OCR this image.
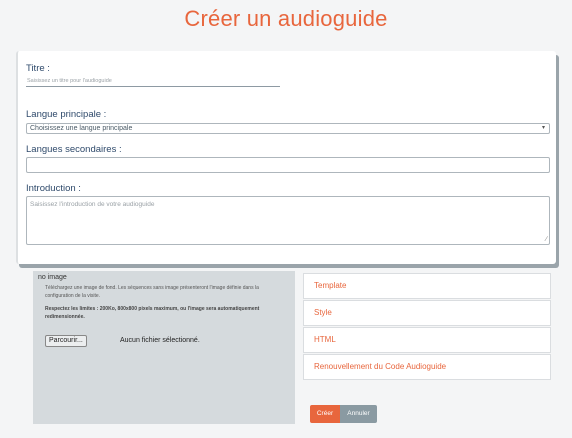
Créer un audioguide
Titre :
Saisissez un titre pour l'audioguide
Langue principale :
Choisissez une langue principale	▾
Langues secondaires :
Introduction :
Saisissez l'introduction de votre audioguide
∕
no image
Téléchargez une image de fond. Les séquences sans image présenteront l'image définie dans la configuration de la visite.
Respectez les limites : 200Ko, 800x800 pixels maximum, ou l'image sera automatiquement redimensionnée.
Parcourir...	Aucun fichier sélectionné.
Template
Style
HTML
Renouvellement du Code Audioguide
Créer	Annuler
